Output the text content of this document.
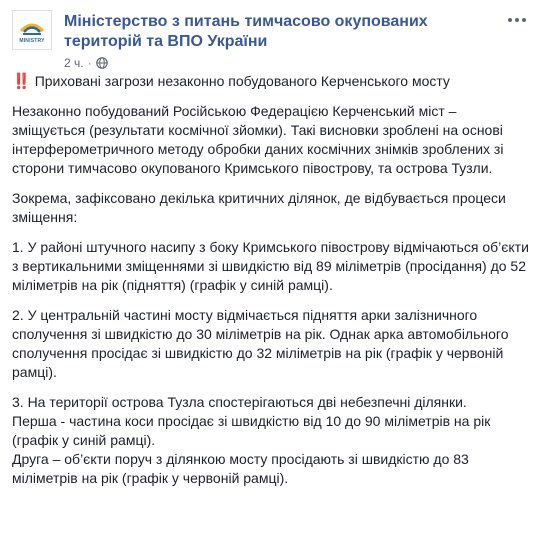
MINISTRY
Міністерство з питань тимчасово окупованих територій та ВПО України
2 ч. ·

‼️ Приховані загрози незаконно побудованого Керченського мосту

Незаконно побудований Російською Федерацією Керченський міст – зміщується (результати космічної зйомки). Такі висновки зроблені на основі інтерферометричного методу обробки даних космічних знімків зроблених зі сторони тимчасово окупованого Кримського півострову, та острова Тузли.

Зокрема, зафіксовано декілька критичних ділянок, де відбувається процеси зміщення:

1. У районі штучного насипу з боку Кримського півострову відмічаються об’єкти з вертикальними зміщеннями зі швидкістю від 89 міліметрів (просідання) до 52 міліметрів на рік (підняття) (графік у синій рамці).

2. У центральній частині мосту відмічається підняття арки залізничного сполучення зі швидкістю до 30 міліметрів на рік. Однак арка автомобільного сполучення просідає зі швидкістю до 32 міліметрів на рік (графік у червоній рамці).

3. На території острова Тузла спостерігаються дві небезпечні ділянки.
Перша - частина коси просідає зі швидкістю від 10 до 90 міліметрів на рік (графік у синій рамці).
Друга – об’єкти поруч з ділянкою мосту просідають зі швидкістю до 83 міліметрів на рік (графік у червоній рамці).
